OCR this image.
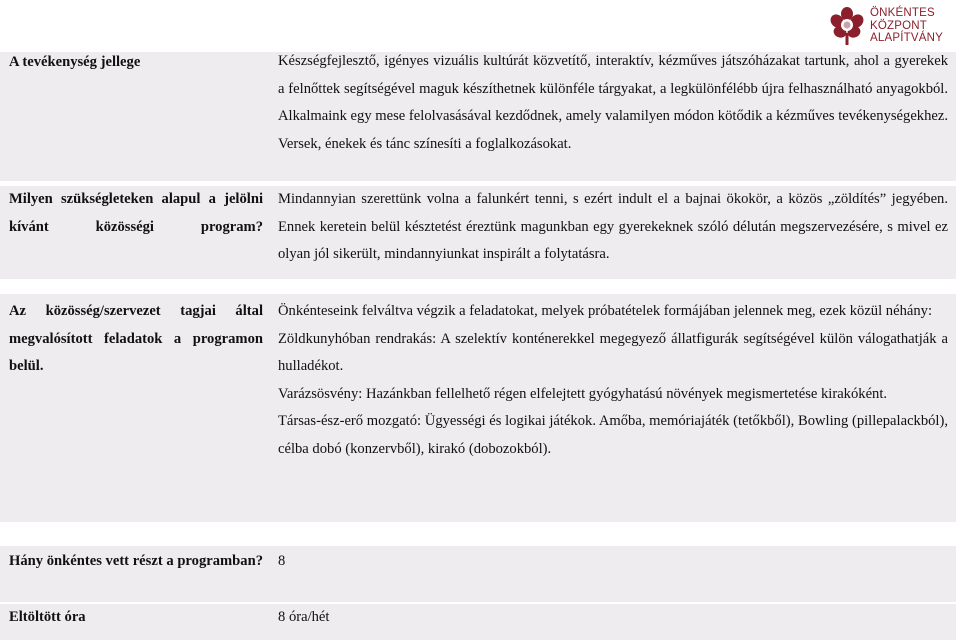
ÖNKÉNTES
KÖZPONT
ALAPÍTVÁNY
A tevékenység jellege	Készségfejlesztő, igényes vizuális kultúrát közvetítő, interaktív, kézműves játszóházakat tartunk, ahol a gyerekek a felnőttek segítségével maguk készíthetnek különféle tárgyakat, a legkülönfélébb újra felhasználható anyagokból. Alkalmaink egy mese felolvasásával kezdődnek, amely valamilyen módon kötődik a kézműves tevékenységekhez. Versek, énekek és tánc színesíti a foglalkozásokat.
Milyen szükségleteken alapul a jelölni kívánt közösségi program?
Mindannyian szerettünk volna a falunkért tenni, s ezért indult el a bajnai ökokör, a közös „zöldítés” jegyében. Ennek keretein belül késztetést éreztünk magunkban egy gyerekeknek szóló délután megszervezésére, s mivel ez olyan jól sikerült, mindannyiunkat inspirált a folytatásra.
Az közösség/szervezet tagjai által megvalósított feladatok a programon belül.

Önkénteseink felváltva végzik a feladatokat, melyek próbatételek formájában jelennek meg, ezek közül néhány:

Zöldkunyhóban rendrakás: A szelektív konténerekkel megegyező állatfigurák segítségével külön válogathatják a hulladékot.

Varázsösvény: Hazánkban fellelhető régen elfelejtett gyógyhatású növények megismertetése kirakóként.

Társas-ész-erő mozgató: Ügyességi és logikai játékok. Amőba, memóriajáték (tetőkből), Bowling (pillepalackból), célba dobó (konzervből), kirakó (dobozokból).

Hány önkéntes vett részt a programban? 8
Eltöltött óra	8 óra/hét
